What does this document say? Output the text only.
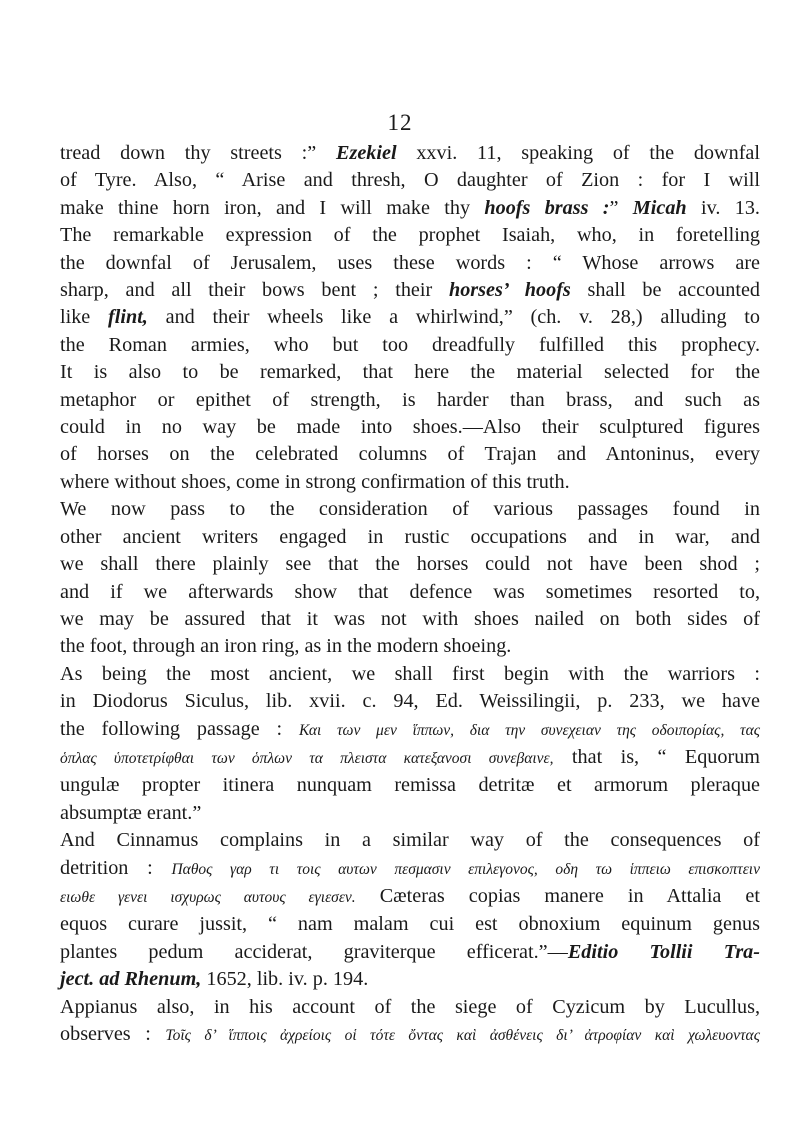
12
tread down thy streets :” Ezekiel xxvi. 11, speaking of the downfal
of Tyre. Also, “ Arise and thresh, O daughter of Zion : for I will
make thine horn iron, and I will make thy hoofs brass :” Micah iv. 13.
The remarkable expression of the prophet Isaiah, who, in foretelling
the downfal of Jerusalem, uses these words : “ Whose arrows are
sharp, and all their bows bent ; their horses’ hoofs shall be accounted
like flint, and their wheels like a whirlwind,” (ch. v. 28,) alluding to
the Roman armies, who but too dreadfully fulfilled this prophecy.
It is also to be remarked, that here the material selected for the
metaphor or epithet of strength, is harder than brass, and such as
could in no way be made into shoes.—Also their sculptured figures
of horses on the celebrated columns of Trajan and Antoninus, every
where without shoes, come in strong confirmation of this truth.
We now pass to the consideration of various passages found in
other ancient writers engaged in rustic occupations and in war, and
we shall there plainly see that the horses could not have been shod ;
and if we afterwards show that defence was sometimes resorted to,
we may be assured that it was not with shoes nailed on both sides of
the foot, through an iron ring, as in the modern shoeing.
As being the most ancient, we shall first begin with the warriors :
in Diodorus Siculus, lib. xvii. c. 94, Ed. Weissilingii, p. 233, we have
the following passage : Και των μεν ἵππων, δια την συνεχειαν της οδοιπορίας, τας
ὁπλας ὑποτετρίφθαι των ὁπλων τα πλειστα κατεξανοσι συνεβαινε, that is, “ Equorum
ungulæ propter itinera nunquam remissa detritæ et armorum pleraque
absumptæ erant.”
And Cinnamus complains in a similar way of the consequences of
detrition : Παθος γαρ τι τοις αυτων πεσμασιν επιλεγονος, οδη τω ἱππειω επισκοπτειν
ειωθε γενει ισχυρως αυτους εγιεσεν. Cæteras copias manere in Attalia et
equos curare jussit, “ nam malam cui est obnoxium equinum genus
plantes pedum acciderat, graviterque efficerat.”—Editio Tollii Tra-
ject. ad Rhenum, 1652, lib. iv. p. 194.
Appianus also, in his account of the siege of Cyzicum by Lucullus,
observes : Τοῖς δ’ ἵπποις ἀχρείοις οἱ τότε ὄντας καὶ ἀσθένεις δι’ ἀτροφίαν καὶ χωλευοντας
